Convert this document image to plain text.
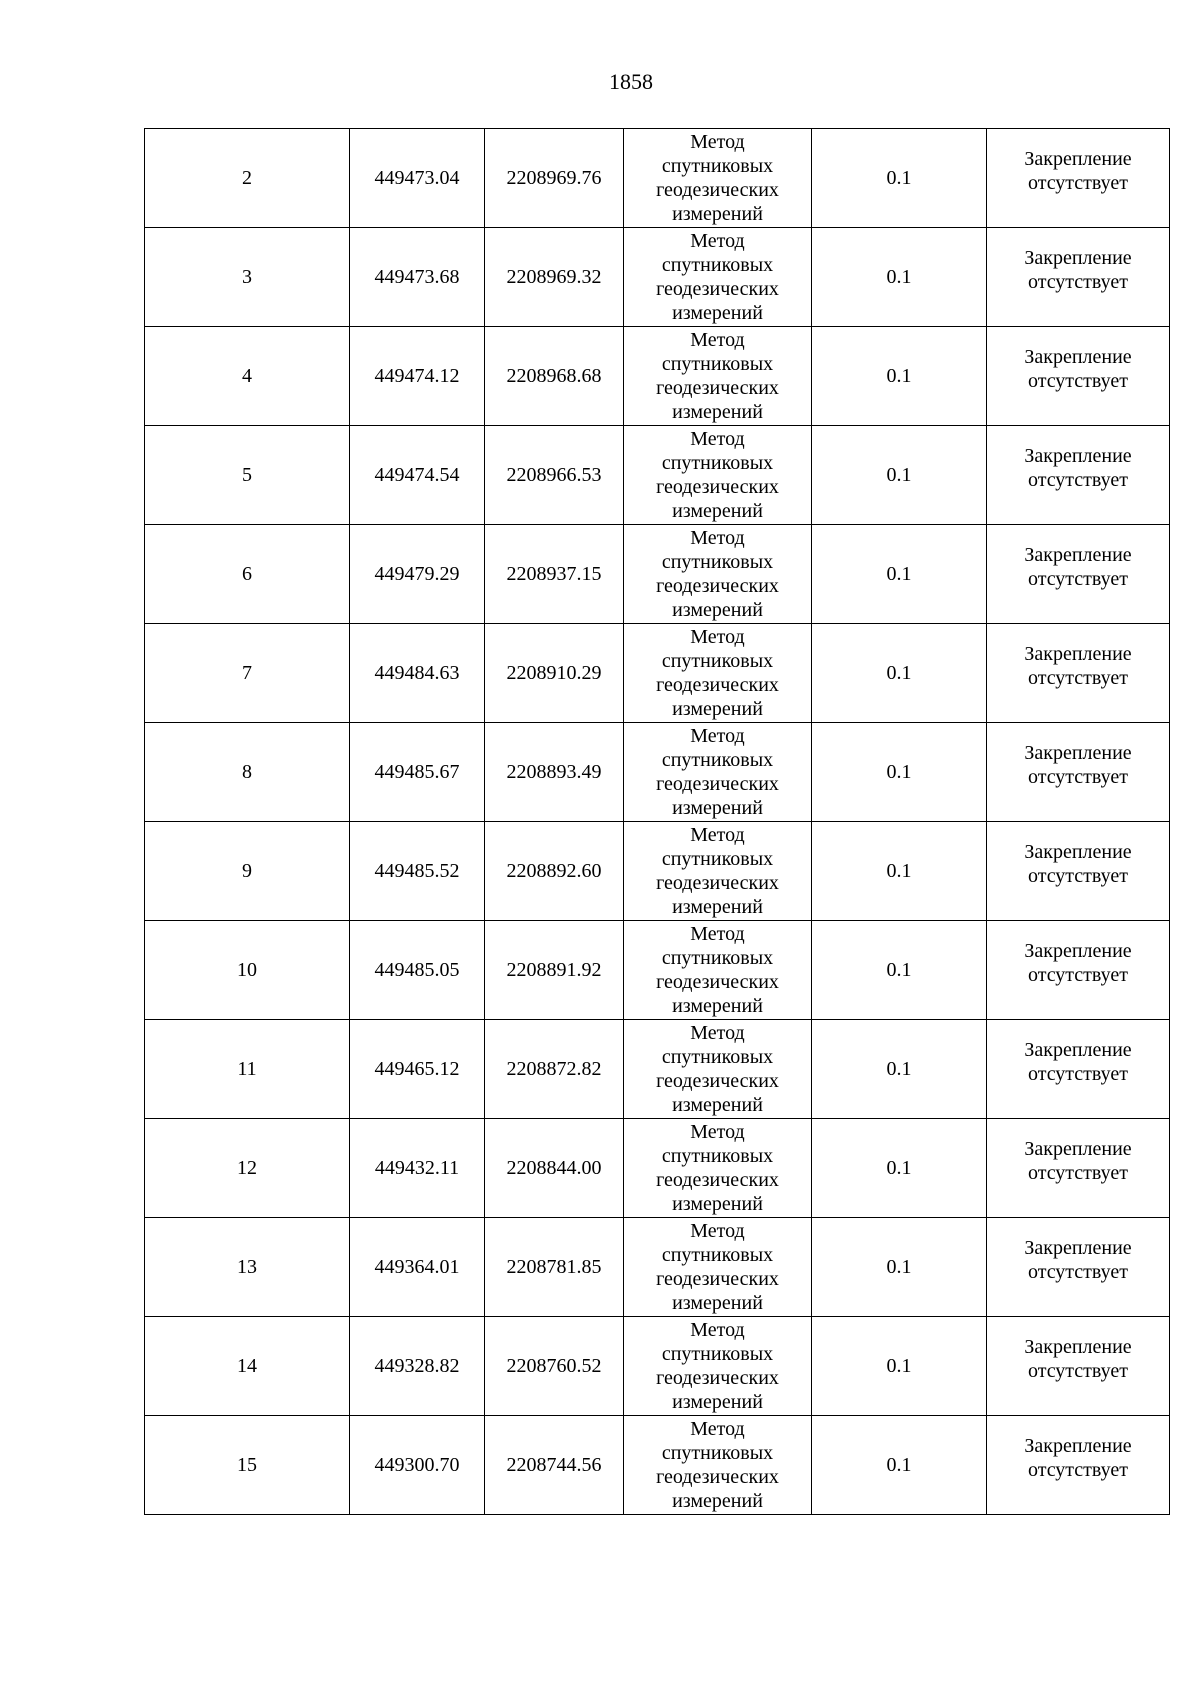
1858
2	449473.04	2208969.76	Метод
спутниковых
геодезических
измерений	0.1	Закрепление
отсутствует

3	449473.68	2208969.32	Метод
спутниковых
геодезических
измерений	0.1	Закрепление
отсутствует

4	449474.12	2208968.68	Метод
спутниковых
геодезических
измерений	0.1	Закрепление
отсутствует

5	449474.54	2208966.53	Метод
спутниковых
геодезических
измерений	0.1	Закрепление
отсутствует

6	449479.29	2208937.15	Метод
спутниковых
геодезических
измерений	0.1	Закрепление
отсутствует

7	449484.63	2208910.29	Метод
спутниковых
геодезических
измерений	0.1	Закрепление
отсутствует

8	449485.67	2208893.49	Метод
спутниковых
геодезических
измерений	0.1	Закрепление
отсутствует

9	449485.52	2208892.60	Метод
спутниковых
геодезических
измерений	0.1	Закрепление
отсутствует

10	449485.05	2208891.92	Метод
спутниковых
геодезических
измерений	0.1	Закрепление
отсутствует

11	449465.12	2208872.82	Метод
спутниковых
геодезических
измерений	0.1	Закрепление
отсутствует

12	449432.11	2208844.00	Метод
спутниковых
геодезических
измерений	0.1	Закрепление
отсутствует

13	449364.01	2208781.85	Метод
спутниковых
геодезических
измерений	0.1	Закрепление
отсутствует

14	449328.82	2208760.52	Метод
спутниковых
геодезических
измерений	0.1	Закрепление
отсутствует

15	449300.70	2208744.56	Метод
спутниковых
геодезических
измерений	0.1	Закрепление
отсутствует
